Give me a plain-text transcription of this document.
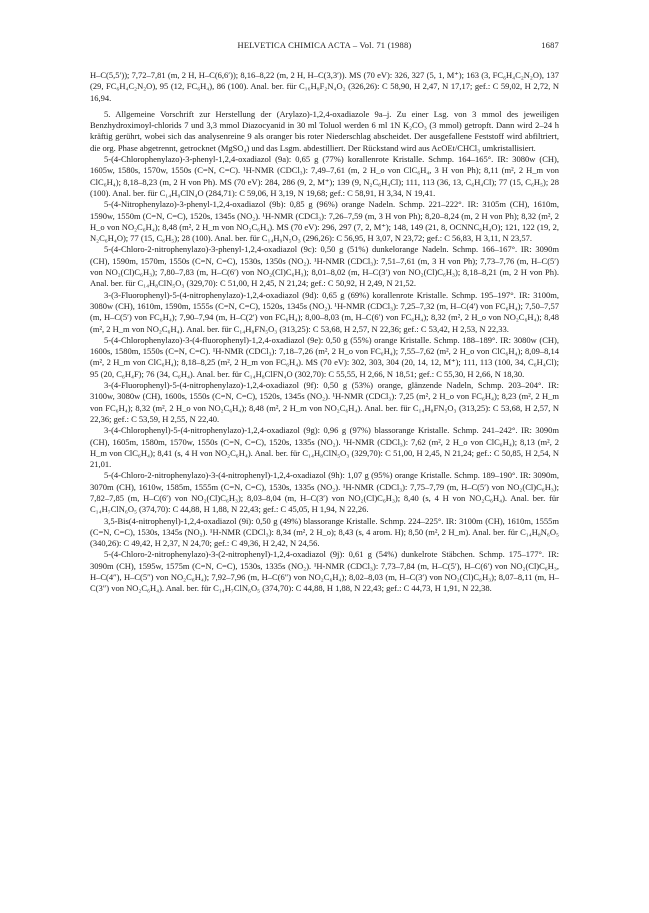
HELVETICA CHIMICA ACTA – Vol. 71 (1988)	1687

H–C(5,5′)); 7,72–7,81 (m, 2 H, H–C(6,6′)); 8,16–8,22 (m, 2 H, H–C(3,3′)). MS (70 eV): 326, 327 (5, 1, M⁺); 163 (3, FC₆H₄C₂N₂O), 137 (29, FC₆H₄C₂N₂O), 95 (12, FC₆H₄), 86 (100). Anal. ber. für C₁₆H₈F₂N₄O₂ (326,26): C 58,90, H 2,47, N 17,17; gef.: C 59,02, H 2,72, N 16,94.

5. Allgemeine Vorschrift zur Herstellung der (Arylazo)-1,2,4-oxadiazole 9a–j. Zu einer Lsg. von 3 mmol des jeweiligen Benzhydroximoyl-chlorids 7 und 3,3 mmol Diazocyanid in 30 ml Toluol werden 6 ml 1N K₂CO₃ (3 mmol) getropft. Dann wird 2–24 h kräftig gerührt, wobei sich das analysenreine 9 als oranger bis roter Niederschlag abscheidet. Der ausgefallene Feststoff wird abfiltriert, die org. Phase abgetrennt, getrocknet (MgSO₄) und das Lsgm. abdestilliert. Der Rückstand wird aus AcOEt/CHCl₃ umkristallisiert.

5-(4-Chlorophenylazo)-3-phenyl-1,2,4-oxadiazol (9a): 0,65 g (77%) korallenrote Kristalle. Schmp. 164–165°. IR: 3080w (CH), 1605w, 1580s, 1570w, 1550s (C=N, C=C). ¹H-NMR (CDCl₃): 7,49–7,61 (m, 2 H_o von ClC₆H₄, 3 H von Ph); 8,11 (m², 2 H_m von ClC₆H₄); 8,18–8,23 (m, 2 H von Ph). MS (70 eV): 284, 286 (9, 2, M⁺); 139 (9, N₂C₆H₄Cl); 111, 113 (36, 13, C₆H₄Cl); 77 (15, C₆H₅); 28 (100). Anal. ber. für C₁₄H₉ClN₄O (284,71): C 59,06, H 3,19, N 19,68; gef.: C 58,91, H 3,34, N 19,41.

5-(4-Nitrophenylazo)-3-phenyl-1,2,4-oxadiazol (9b): 0,85 g (96%) orange Nadeln. Schmp. 221–222°. IR: 3105m (CH), 1610m, 1590w, 1550m (C=N, C=C), 1520s, 1345s (NO₂). ¹H-NMR (CDCl₃): 7,26–7,59 (m, 3 H von Ph); 8,20–8,24 (m, 2 H von Ph); 8,32 (m², 2 H_o von NO₂C₆H₄); 8,48 (m², 2 H_m von NO₂C₆H₄). MS (70 eV): 296, 297 (7, 2, M⁺); 148, 149 (21, 8, OCNNC₆H₄O); 121, 122 (19, 2, N₂C₆H₄O); 77 (15, C₆H₅); 28 (100). Anal. ber. für C₁₄H₉N₅O₃ (296,26): C 56,95, H 3,07, N 23,72; gef.: C 56,83, H 3,11, N 23,57.

5-(4-Chloro-2-nitrophenylazo)-3-phenyl-1,2,4-oxadiazol (9c): 0,50 g (51%) dunkelorange Nadeln. Schmp. 166–167°. IR: 3090m (CH), 1590m, 1570m, 1550s (C=N, C=C), 1530s, 1350s (NO₂). ¹H-NMR (CDCl₃): 7,51–7,61 (m, 3 H von Ph); 7,73–7,76 (m, H–C(5′) von NO₂(Cl)C₆H₃); 7,80–7,83 (m, H–C(6′) von NO₂(Cl)C₆H₃); 8,01–8,02 (m, H–C(3′) von NO₂(Cl)C₆H₃); 8,18–8,21 (m, 2 H von Ph). Anal. ber. für C₁₄H₈ClN₅O₃ (329,70): C 51,00, H 2,45, N 21,24; gef.: C 50,92, H 2,49, N 21,52.

3-(3-Fluorophenyl)-5-(4-nitrophenylazo)-1,2,4-oxadiazol (9d): 0,65 g (69%) korallenrote Kristalle. Schmp. 195–197°. IR: 3100m, 3080w (CH), 1610m, 1590m, 1555s (C=N, C=C), 1520s, 1345s (NO₂). ¹H-NMR (CDCl₃): 7,25–7,32 (m, H–C(4′) von FC₆H₄); 7,50–7,57 (m, H–C(5′) von FC₆H₄); 7,90–7,94 (m, H–C(2′) von FC₆H₄); 8,00–8,03 (m, H–C(6′) von FC₆H₄); 8,32 (m², 2 H_o von NO₂C₆H₄); 8,48 (m², 2 H_m von NO₂C₆H₄). Anal. ber. für C₁₄H₈FN₅O₃ (313,25): C 53,68, H 2,57, N 22,36; gef.: C 53,42, H 2,53, N 22,33.

5-(4-Chlorophenylazo)-3-(4-fluorophenyl)-1,2,4-oxadiazol (9e): 0,50 g (55%) orange Kristalle. Schmp. 188–189°. IR: 3080w (CH), 1600s, 1580m, 1550s (C=N, C=C). ¹H-NMR (CDCl₃): 7,18–7,26 (m², 2 H_o von FC₆H₄); 7,55–7,62 (m², 2 H_o von ClC₆H₄); 8,09–8,14 (m², 2 H_m von ClC₆H₄); 8,18–8,25 (m², 2 H_m von FC₆H₄). MS (70 eV): 302, 303, 304 (20, 14, 12, M⁺); 111, 113 (100, 34, C₆H₄Cl); 95 (20, C₆H₄F); 76 (34, C₆H₄). Anal. ber. für C₁₄H₈ClFN₄O (302,70): C 55,55, H 2,66, N 18,51; gef.: C 55,30, H 2,66, N 18,30.

3-(4-Fluorophenyl)-5-(4-nitrophenylazo)-1,2,4-oxadiazol (9f): 0,50 g (53%) orange, glänzende Nadeln, Schmp. 203–204°. IR: 3100w, 3080w (CH), 1600s, 1550s (C=N, C=C), 1520s, 1345s (NO₂). ¹H-NMR (CDCl₃): 7,25 (m², 2 H_o von FC₆H₄); 8,23 (m², 2 H_m von FC₆H₄); 8,32 (m², 2 H_o von NO₂C₆H₄); 8,48 (m², 2 H_m von NO₂C₆H₄). Anal. ber. für C₁₄H₈FN₅O₃ (313,25): C 53,68, H 2,57, N 22,36; gef.: C 53,59, H 2,55, N 22,40.

3-(4-Chlorophenyl)-5-(4-nitrophenylazo)-1,2,4-oxadiazol (9g): 0,96 g (97%) blassorange Kristalle. Schmp. 241–242°. IR: 3090m (CH), 1605m, 1580m, 1570w, 1550s (C=N, C=C), 1520s, 1335s (NO₂). ¹H-NMR (CDCl₃): 7,62 (m², 2 H_o von ClC₆H₄); 8,13 (m², 2 H_m von ClC₆H₄); 8,41 (s, 4 H von NO₂C₆H₄). Anal. ber. für C₁₄H₈ClN₅O₃ (329,70): C 51,00, H 2,45, N 21,24; gef.: C 50,85, H 2,54, N 21,01.

5-(4-Chloro-2-nitrophenylazo)-3-(4-nitrophenyl)-1,2,4-oxadiazol (9h): 1,07 g (95%) orange Kristalle. Schmp. 189–190°. IR: 3090m, 3070m (CH), 1610w, 1585m, 1555m (C=N, C=C), 1530s, 1335s (NO₂). ¹H-NMR (CDCl₃): 7,75–7,79 (m, H–C(5′) von NO₂(Cl)C₆H₃); 7,82–7,85 (m, H–C(6′) von NO₂(Cl)C₆H₃); 8,03–8,04 (m, H–C(3′) von NO₂(Cl)C₆H₃); 8,40 (s, 4 H von NO₂C₆H₄). Anal. ber. für C₁₄H₇ClN₆O₅ (374,70): C 44,88, H 1,88, N 22,43; gef.: C 45,05, H 1,94, N 22,26.

3,5-Bis(4-nitrophenyl)-1,2,4-oxadiazol (9i): 0,50 g (49%) blassorange Kristalle. Schmp. 224–225°. IR: 3100m (CH), 1610m, 1555m (C=N, C=C), 1530s, 1345s (NO₂). ¹H-NMR (CDCl₃): 8,34 (m², 2 H_o); 8,43 (s, 4 arom. H); 8,50 (m², 2 H_m). Anal. ber. für C₁₄H₈N₆O₅ (340,26): C 49,42, H 2,37, N 24,70; gef.: C 49,36, H 2,42, N 24,56.

5-(4-Chloro-2-nitrophenylazo)-3-(2-nitrophenyl)-1,2,4-oxadiazol (9j): 0,61 g (54%) dunkelrote Stäbchen. Schmp. 175–177°. IR: 3090m (CH), 1595w, 1575m (C=N, C=C), 1530s, 1335s (NO₂). ¹H-NMR (CDCl₃): 7,73–7,84 (m, H–C(5′), H–C(6′) von NO₂(Cl)C₆H₃, H–C(4″), H–C(5″) von NO₂C₆H₄); 7,92–7,96 (m, H–C(6″) von NO₂C₆H₄); 8,02–8,03 (m, H–C(3′) von NO₂(Cl)C₆H₃); 8,07–8,11 (m, H–C(3″) von NO₂C₆H₄). Anal. ber. für C₁₄H₇ClN₆O₅ (374,70): C 44,88, H 1,88, N 22,43; gef.: C 44,73, H 1,91, N 22,38.
